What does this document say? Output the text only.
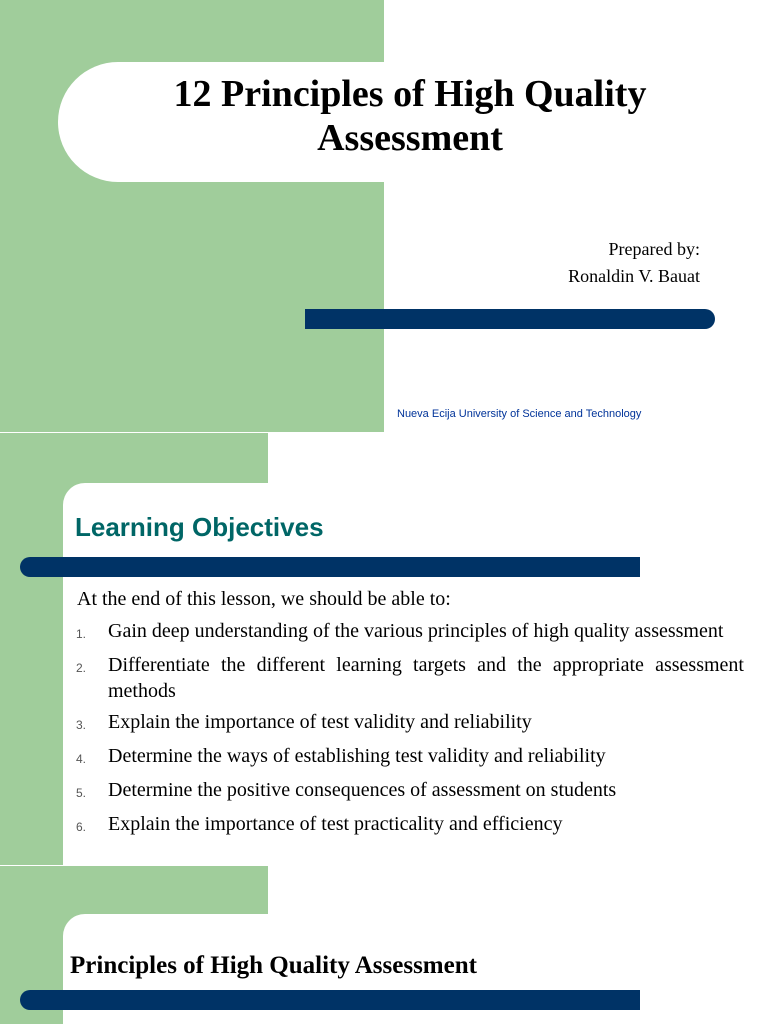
12 Principles of High Quality Assessment
Prepared by:
Ronaldin V. Bauat
Nueva Ecija University of Science and Technology
Learning Objectives
At the end of this lesson, we should be able to:
1.	Gain deep understanding of the various principles of high quality assessment
2.	Differentiate the different learning targets and the appropriate assessment methods
3.	Explain the importance of test validity and reliability
4.	Determine the ways of establishing test validity and reliability
5.	Determine the positive consequences of assessment on students
6.	Explain the importance of test practicality and efficiency
Principles of High Quality Assessment
